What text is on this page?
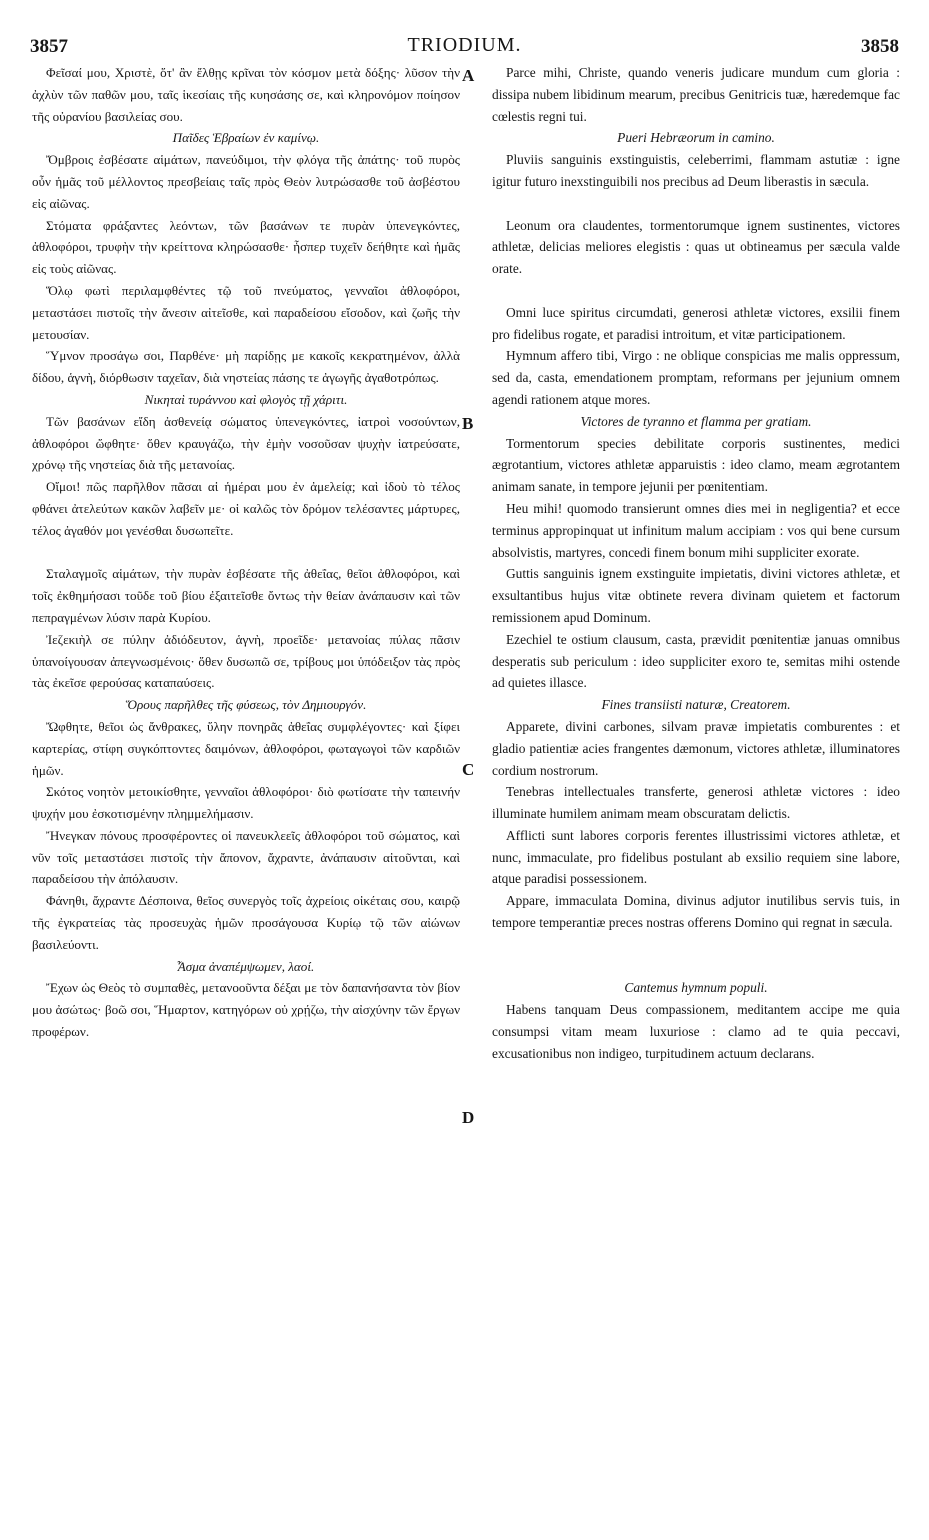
3857	TRIODIUM.	3858
A
B
C
D

Φεῖσαί μου, Χριστὲ, ὅτ' ἂν ἔλθῃς κρῖναι τὸν κόσμον μετὰ δόξης· λῦσον τὴν ἀχλὺν τῶν παθῶν μου, ταῖς ἱκεσίαις τῆς κυησάσης σε, καὶ κληρονόμον ποίησον τῆς οὐρανίου βασιλείας σου.

Παῖδες Ἑβραίων ἐν καμίνῳ.

Ὄμβροις ἐσβέσατε αἱμάτων, πανεύδιμοι, τὴν φλόγα τῆς ἀπάτης· τοῦ πυρὸς οὖν ἡμᾶς τοῦ μέλλοντος πρεσβείαις ταῖς πρὸς Θεὸν λυτρώσασθε τοῦ ἀσβέστου εἰς αἰῶνας.

Στόματα φράξαντες λεόντων, τῶν βασάνων τε πυρὰν ὑπενεγκόντες, ἀθλοφόροι, τρυφὴν τὴν κρείττονα κληρώσασθε· ἧσπερ τυχεῖν δεήθητε καὶ ἡμᾶς εἰς τοὺς αἰῶνας.

Ὅλῳ φωτὶ περιλαμφθέντες τῷ τοῦ πνεύματος, γενναῖοι ἀθλοφόροι, μεταστάσει πιστοῖς τὴν ἄνεσιν αἰτεῖσθε, καὶ παραδείσου εἴσοδον, καὶ ζωῆς τὴν μετουσίαν.

Ὕμνον προσάγω σοι, Παρθένε· μὴ παρίδῃς με κακοῖς κεκρατημένον, ἀλλὰ δίδου, ἁγνὴ, διόρθωσιν ταχεῖαν, διὰ νηστείας πάσης τε ἀγωγῆς ἀγαθοτρόπως.

Νικηταὶ τυράννου καὶ φλογὸς τῇ χάριτι.

Τῶν βασάνων εἴδη ἀσθενείᾳ σώματος ὑπενεγκόντες, ἰατροὶ νοσούντων, ἀθλοφόροι ὤφθητε· ὅθεν κραυγάζω, τὴν ἐμὴν νοσοῦσαν ψυχὴν ἰατρεύσατε, χρόνῳ τῆς νηστείας διὰ τῆς μετανοίας.

Οἴμοι! πῶς παρῆλθον πᾶσαι αἱ ἡμέραι μου ἐν ἀμελείᾳ; καὶ ἰδοὺ τὸ τέλος φθάνει ἀτελεύτων κακῶν λαβεῖν με· οἱ καλῶς τὸν δρόμον τελέσαντες μάρτυρες, τέλος ἀγαθόν μοι γενέσθαι δυσωπεῖτε.

Σταλαγμοῖς αἱμάτων, τὴν πυρὰν ἐσβέσατε τῆς ἀθεΐας, θεῖοι ἀθλοφόροι, καὶ τοῖς ἐκθημήσασι τοῦδε τοῦ βίου ἐξαιτεῖσθε ὄντως τὴν θείαν ἀνάπαυσιν καὶ τῶν πεπραγμένων λύσιν παρὰ Κυρίου.

Ἰεζεκιὴλ σε πύλην ἀδιόδευτον, ἁγνὴ, προεῖδε· μετανοίας πύλας πᾶσιν ὑπανοίγουσαν ἀπεγνωσμένοις· ὅθεν δυσωπῶ σε, τρίβους μοι ὑπόδειξον τὰς πρὸς τὰς ἐκεῖσε φερούσας καταπαύσεις.

Ὅρους παρῆλθες τῆς φύσεως, τὸν Δημιουργόν.

Ὤφθητε, θεῖοι ὡς ἄνθρακες, ὕλην πονηρᾶς ἀθεΐας συμφλέγοντες· καὶ ξίφει καρτερίας, στίφη συγκόπτοντες δαιμόνων, ἀθλοφόροι, φωταγωγοὶ τῶν καρδιῶν ἡμῶν.

Σκότος νοητὸν μετοικίσθητε, γενναῖοι ἀθλοφόροι· διὸ φωτίσατε τὴν ταπεινήν ψυχήν μου ἐσκοτισμένην πλημμελήμασιν.

Ἤνεγκαν πόνους προσφέροντες οἱ πανευκλεεῖς ἀθλοφόροι τοῦ σώματος, καὶ νῦν τοῖς μεταστάσει πιστοῖς τὴν ἄπονον, ἄχραντε, ἀνάπαυσιν αἰτοῦνται, καὶ παραδείσου τὴν ἀπόλαυσιν.

Φάνηθι, ἄχραντε Δέσποινα, θεῖος συνεργὸς τοῖς ἀχρείοις οἰκέταις σου, καιρῷ τῆς ἐγκρατείας τὰς προσευχὰς ἡμῶν προσάγουσα Κυρίῳ τῷ τῶν αἰώνων βασιλεύοντι.

Ἆσμα ἀναπέμψωμεν, λαοί.

Ἔχων ὡς Θεὸς τὸ συμπαθὲς, μετανοοῦντα δέξαι με τὸν δαπανήσαντα τὸν βίον μου ἀσώτως· βοῶ σοι, Ἥμαρτον, κατηγόρων οὐ χρῄζω, τὴν αἰσχύνην τῶν ἔργων προφέρων.

Parce mihi, Christe, quando veneris judicare mundum cum gloria : dissipa nubem libidinum mearum, precibus Genitricis tuæ, hæredemque fac cœlestis regni tui.

Pueri Hebræorum in camino.

Pluviis sanguinis exstinguistis, celeberrimi, flammam astutiæ : igne igitur futuro inexstinguibili nos precibus ad Deum liberastis in sæcula.

Leonum ora claudentes, tormentorumque ignem sustinentes, victores athletæ, delicias meliores elegistis : quas ut obtineamus per sæcula valde orate.

Omni luce spiritus circumdati, generosi athletæ victores, exsilii finem pro fidelibus rogate, et paradisi introitum, et vitæ participationem.

Hymnum affero tibi, Virgo : ne oblique conspicias me malis oppressum, sed da, casta, emendationem promptam, reformans per jejunium omnem agendi rationem atque mores.

Victores de tyranno et flamma per gratiam.

Tormentorum species debilitate corporis sustinentes, medici ægrotantium, victores athletæ apparuistis : ideo clamo, meam ægrotantem animam sanate, in tempore jejunii per pœnitentiam.

Heu mihi! quomodo transierunt omnes dies mei in negligentia? et ecce terminus appropinquat ut infinitum malum accipiam : vos qui bene cursum absolvistis, martyres, concedi finem bonum mihi suppliciter exorate.

Guttis sanguinis ignem exstinguite impietatis, divini victores athletæ, et exsultantibus hujus vitæ obtinete revera divinam quietem et factorum remissionem apud Dominum.

Ezechiel te ostium clausum, casta, prævidit pœnitentiæ januas omnibus desperatis sub periculum : ideo suppliciter exoro te, semitas mihi ostende ad quietes illasce.

Fines transiisti naturæ, Creatorem.

Apparete, divini carbones, silvam pravæ impietatis comburentes : et gladio patientiæ acies frangentes dæmonum, victores athletæ, illuminatores cordium nostrorum.

Tenebras intellectuales transferte, generosi athletæ victores : ideo illuminate humilem animam meam obscuratam delictis.

Afflicti sunt labores corporis ferentes illustrissimi victores athletæ, et nunc, immaculate, pro fidelibus postulant ab exsilio requiem sine labore, atque paradisi possessionem.

Appare, immaculata Domina, divinus adjutor inutilibus servis tuis, in tempore temperantiæ preces nostras offerens Domino qui regnat in sæcula.

Cantemus hymnum populi.

Habens tanquam Deus compassionem, meditantem accipe me quia consumpsi vitam meam luxuriose : clamo ad te quia peccavi, excusationibus non indigeo, turpitudinem actuum declarans.
